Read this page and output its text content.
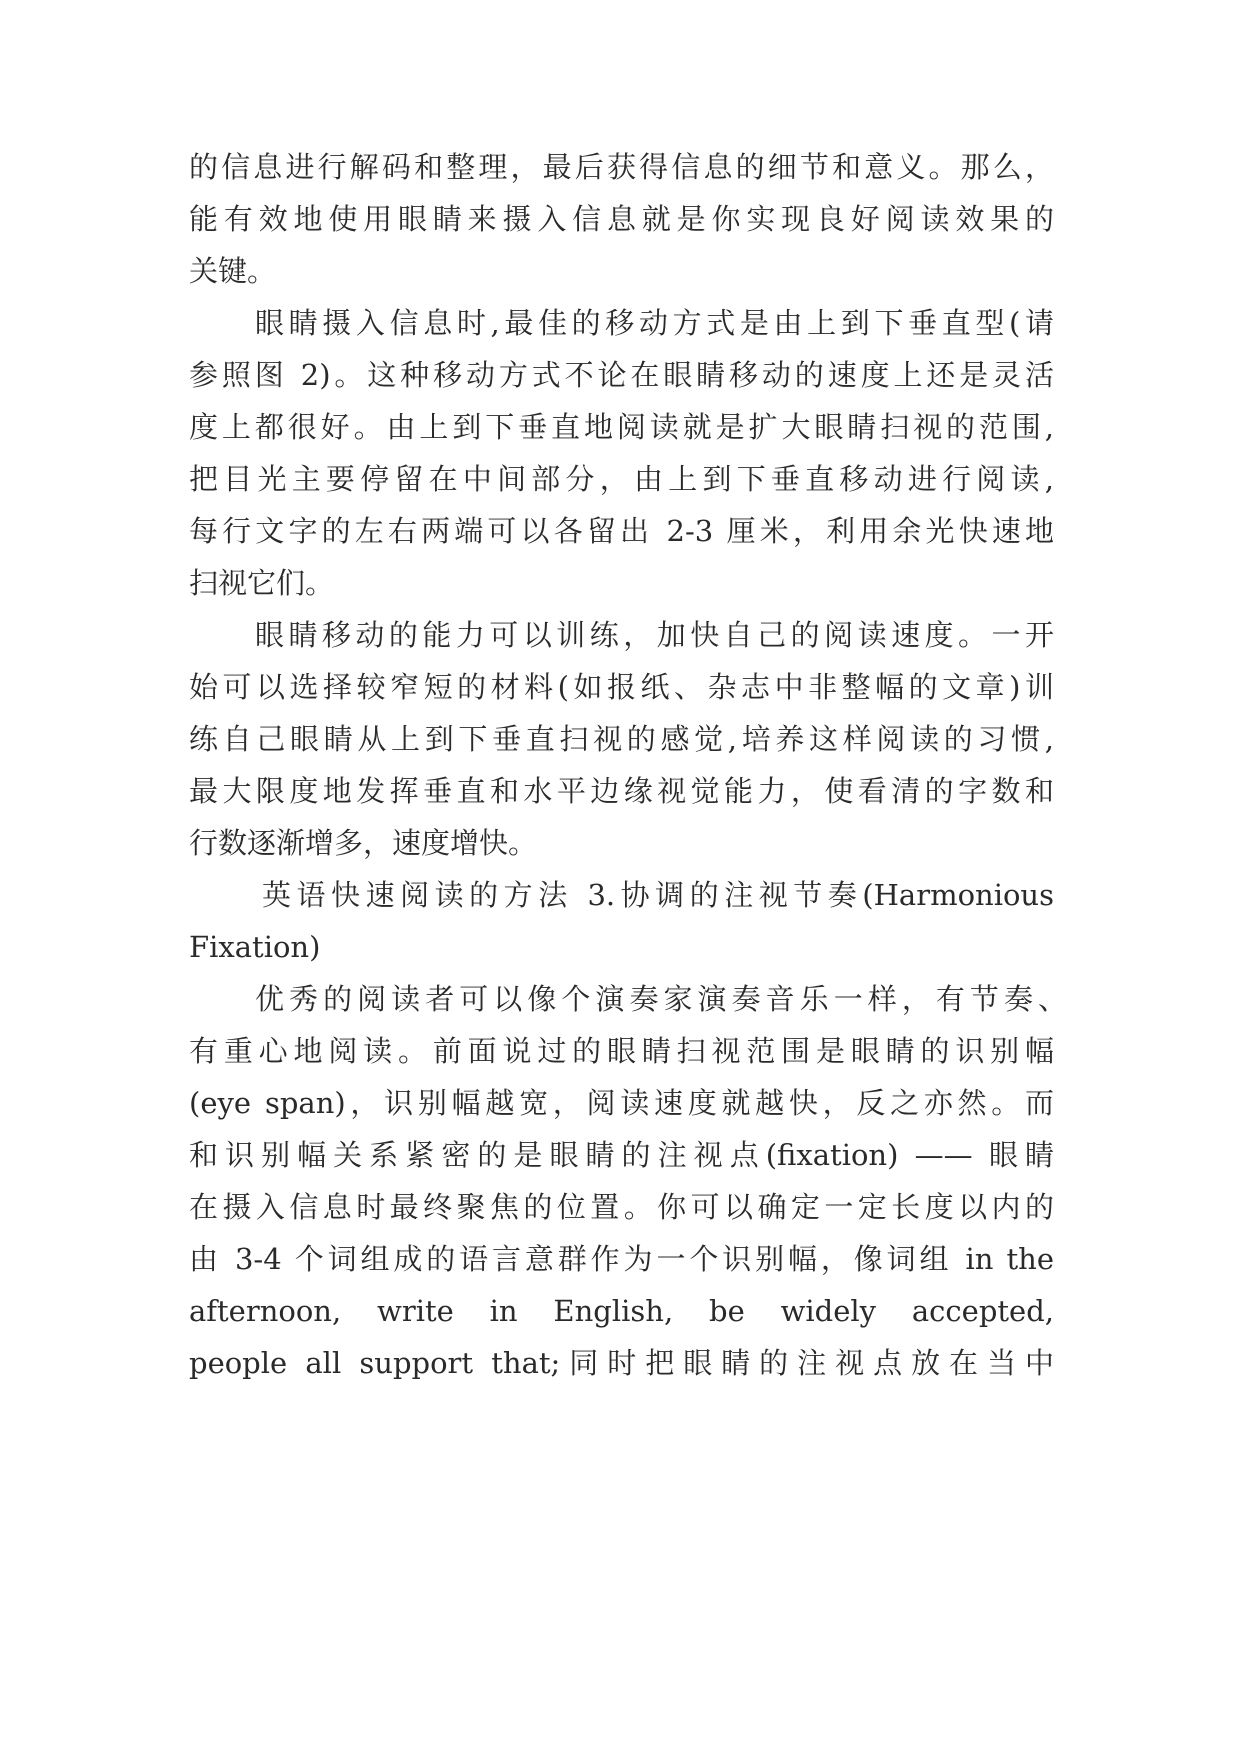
的信息进行解码和整理，最后获得信息的细节和意义。那么，
能有效地使用眼睛来摄入信息就是你实现良好阅读效果的
关键。
眼睛摄入信息时,最佳的移动方式是由上到下垂直型(请
参照图 2)。这种移动方式不论在眼睛移动的速度上还是灵活
度上都很好。由上到下垂直地阅读就是扩大眼睛扫视的范围,
把目光主要停留在中间部分，由上到下垂直移动进行阅读,
每行文字的左右两端可以各留出 2-3 厘米，利用余光快速地
扫视它们。
眼睛移动的能力可以训练，加快自己的阅读速度。一开
始可以选择较窄短的材料(如报纸、杂志中非整幅的文章)训
练自己眼睛从上到下垂直扫视的感觉,培养这样阅读的习惯,
最大限度地发挥垂直和水平边缘视觉能力，使看清的字数和
行数逐渐增多，速度增快。
英语快速阅读的方法 3.协调的注视节奏(Harmonious
Fixation)
优秀的阅读者可以像个演奏家演奏音乐一样，有节奏、
有重心地阅读。前面说过的眼睛扫视范围是眼睛的识别幅
(eye span)，识别幅越宽，阅读速度就越快，反之亦然。而
和识别幅关系紧密的是眼睛的注视点(fixation) —— 眼睛
在摄入信息时最终聚焦的位置。你可以确定一定长度以内的
由 3-4 个词组成的语言意群作为一个识别幅，像词组 in the
afternoon, write in English, be widely accepted,
people all support that;同时把眼睛的注视点放在当中
